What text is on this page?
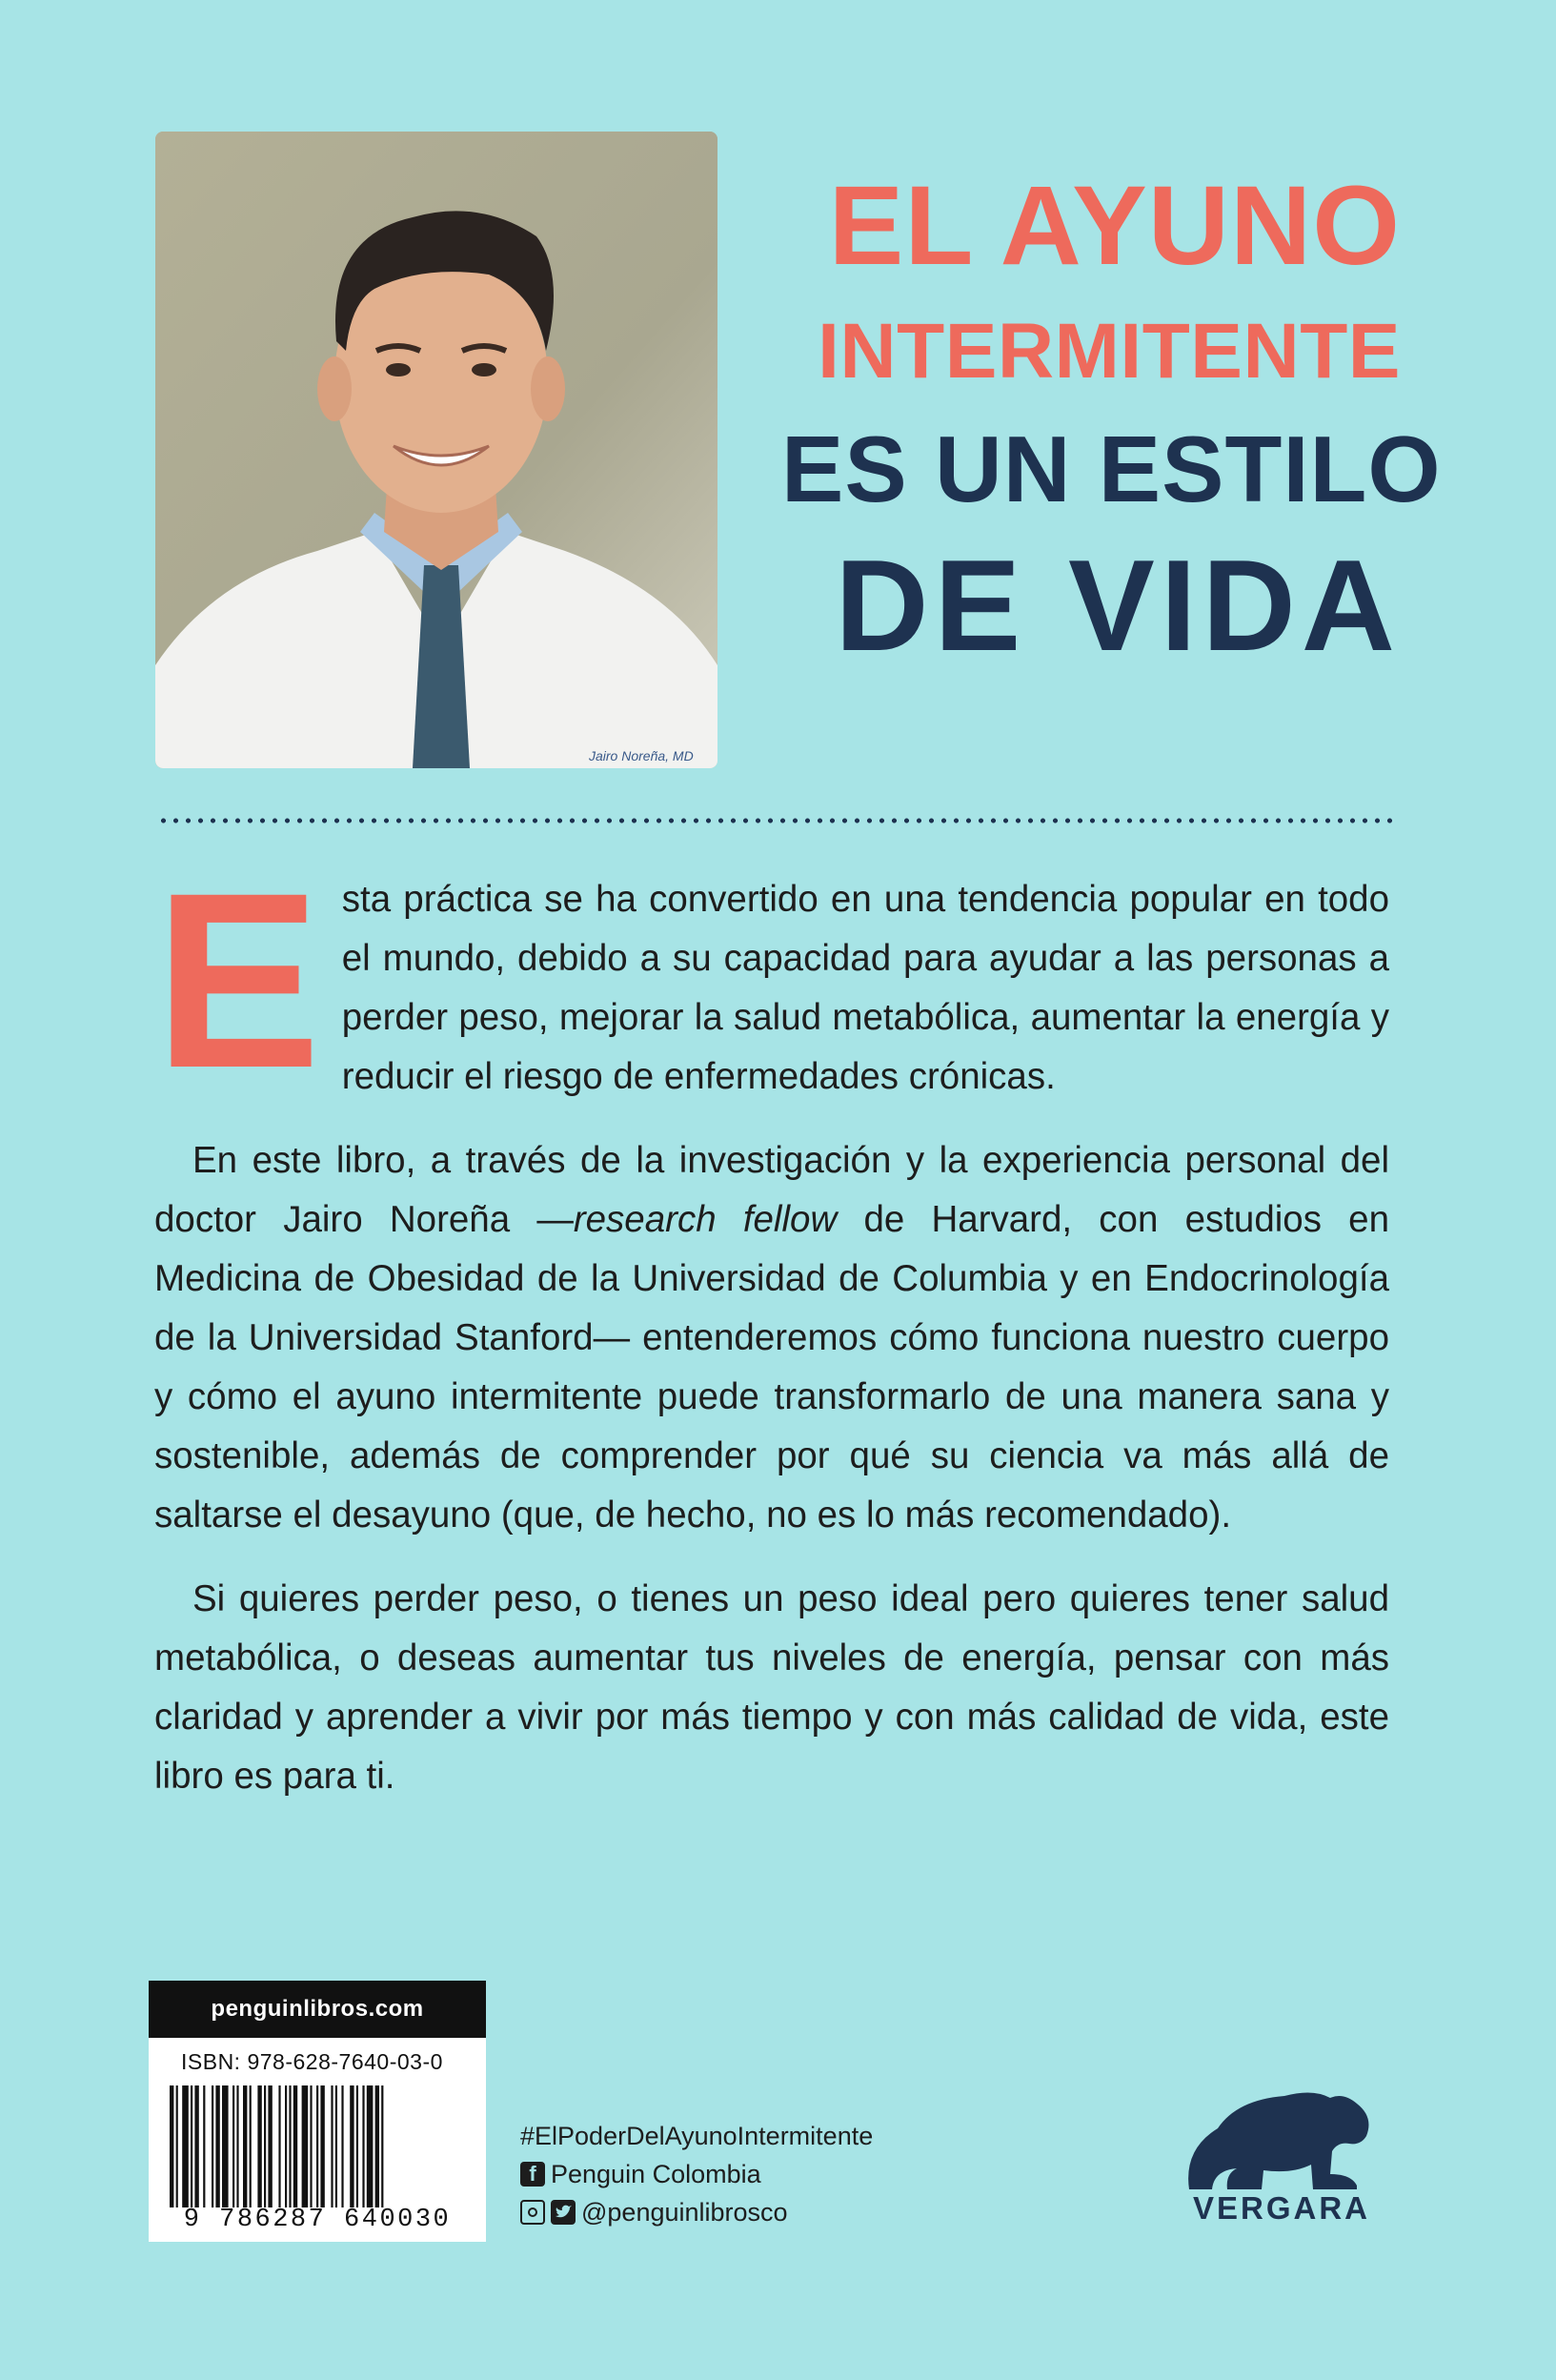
Jairo Noreña, MD
EL AYUNO
INTERMITENTE
ES UN ESTILO
DE VIDA

Esta práctica se ha convertido en una tendencia popular en todo el mundo, debido a su capacidad para ayudar a las personas a perder peso, mejorar la salud metabólica, aumentar la energía y reducir el riesgo de enfermedades crónicas.

En este libro, a través de la investigación y la experiencia personal del doctor Jairo Noreña —research fellow de Harvard, con estudios en Medicina de Obesidad de la Universidad de Columbia y en Endocrinología de la Universidad Stanford— entenderemos cómo funciona nuestro cuerpo y cómo el ayuno intermitente puede transformarlo de una manera sana y sostenible, además de comprender por qué su ciencia va más allá de saltarse el desayuno (que, de hecho, no es lo más recomendado).

Si quieres perder peso, o tienes un peso ideal pero quieres tener salud metabólica, o deseas aumentar tus niveles de energía, pensar con más claridad y aprender a vivir por más tiempo y con más calidad de vida, este libro es para ti.

penguinlibros.com
ISBN: 978-628-7640-03-0
9 786287 640030
#ElPoderDelAyunoIntermitente
f Penguin Colombia
@penguinlibrosco	VERGARA
